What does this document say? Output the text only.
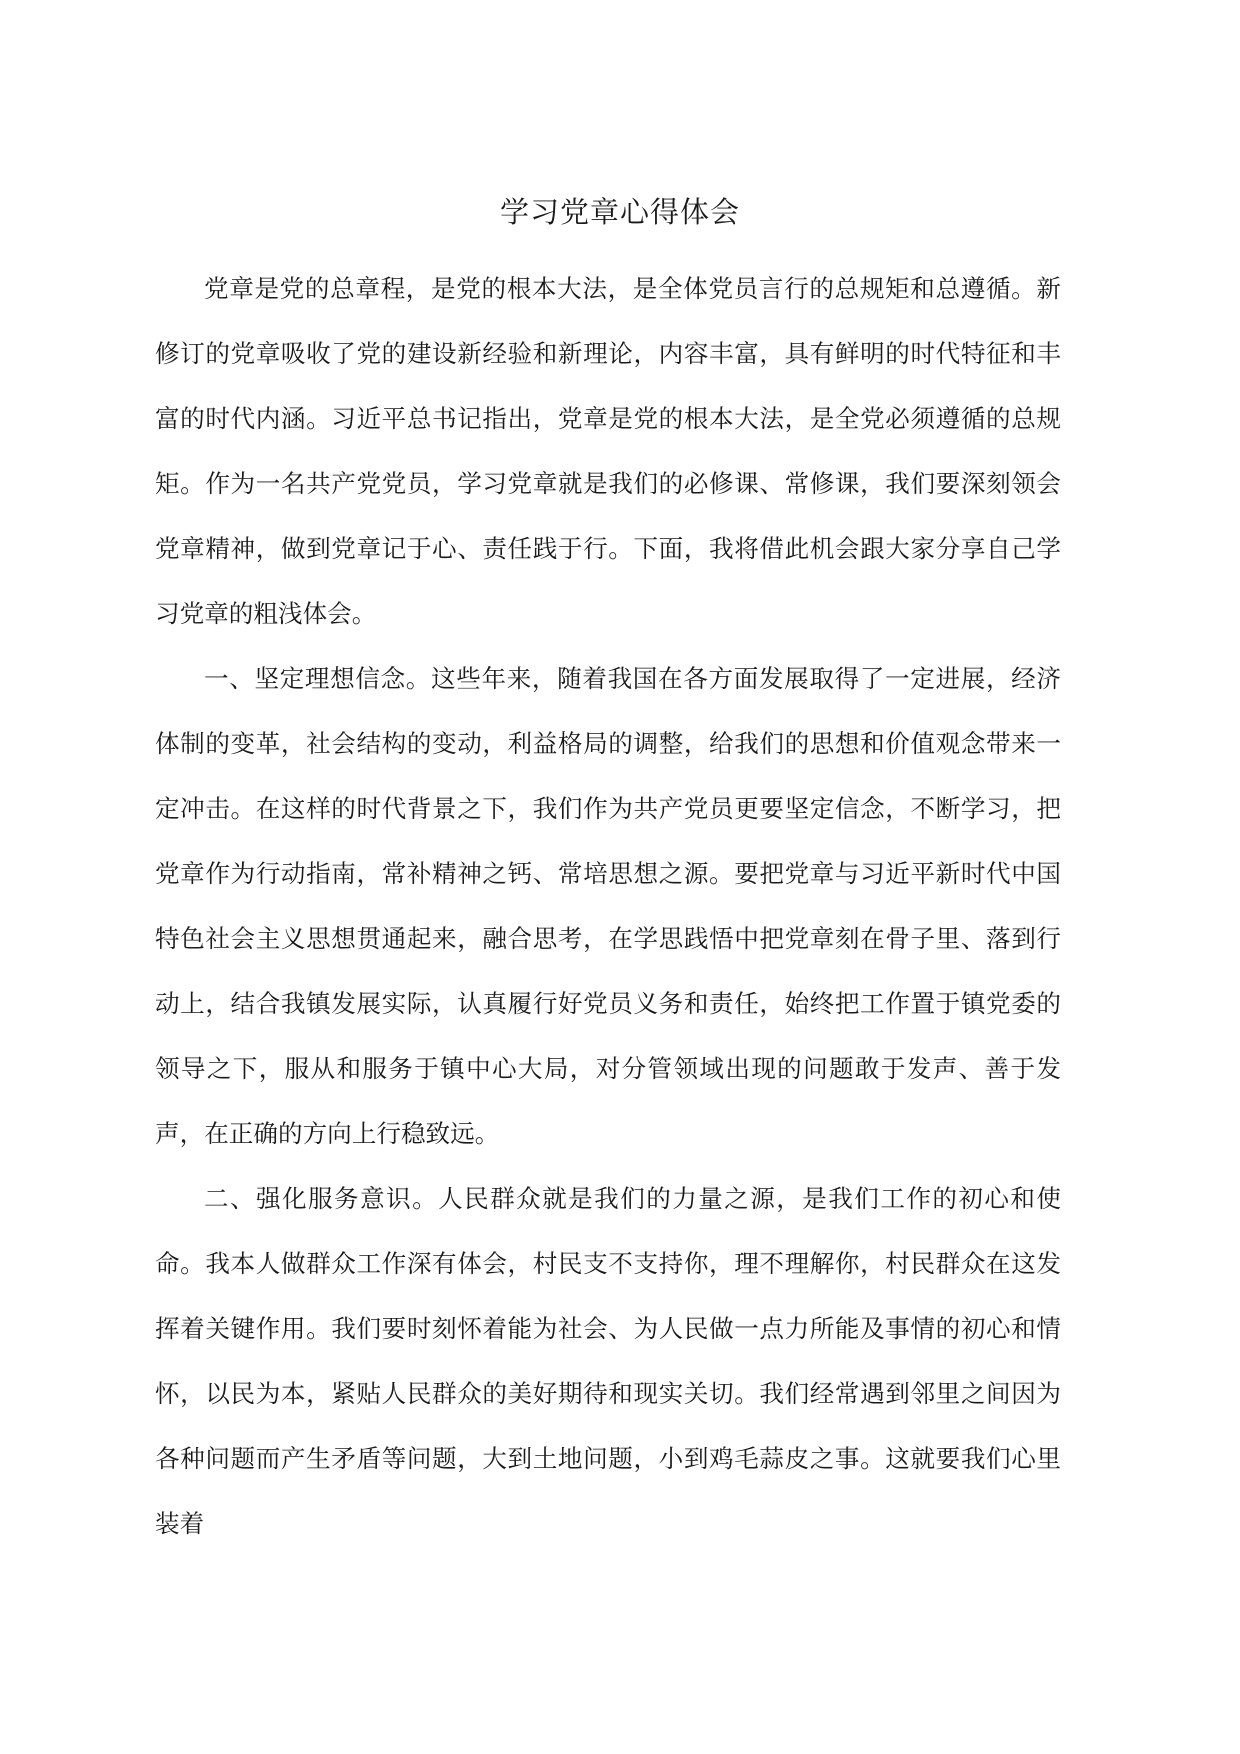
学习党章心得体会

党章是党的总章程，是党的根本大法，是全体党员言行的总规矩和总遵循。新修订的党章吸收了党的建设新经验和新理论，内容丰富，具有鲜明的时代特征和丰富的时代内涵。习近平总书记指出，党章是党的根本大法，是全党必须遵循的总规矩。作为一名共产党党员，学习党章就是我们的必修课、常修课，我们要深刻领会党章精神，做到党章记于心、责任践于行。下面，我将借此机会跟大家分享自己学习党章的粗浅体会。

一、坚定理想信念。这些年来，随着我国在各方面发展取得了一定进展，经济体制的变革，社会结构的变动，利益格局的调整，给我们的思想和价值观念带来一定冲击。在这样的时代背景之下，我们作为共产党员更要坚定信念，不断学习，把党章作为行动指南，常补精神之钙、常培思想之源。要把党章与习近平新时代中国特色社会主义思想贯通起来，融合思考，在学思践悟中把党章刻在骨子里、落到行动上，结合我镇发展实际，认真履行好党员义务和责任，始终把工作置于镇党委的领导之下，服从和服务于镇中心大局，对分管领域出现的问题敢于发声、善于发声，在正确的方向上行稳致远。

二、强化服务意识。人民群众就是我们的力量之源，是我们工作的初心和使命。我本人做群众工作深有体会，村民支不支持你，理不理解你，村民群众在这发挥着关键作用。我们要时刻怀着能为社会、为人民做一点力所能及事情的初心和情怀，以民为本，紧贴人民群众的美好期待和现实关切。我们经常遇到邻里之间因为各种问题而产生矛盾等问题，大到土地问题，小到鸡毛蒜皮之事。这就要我们心里装着
